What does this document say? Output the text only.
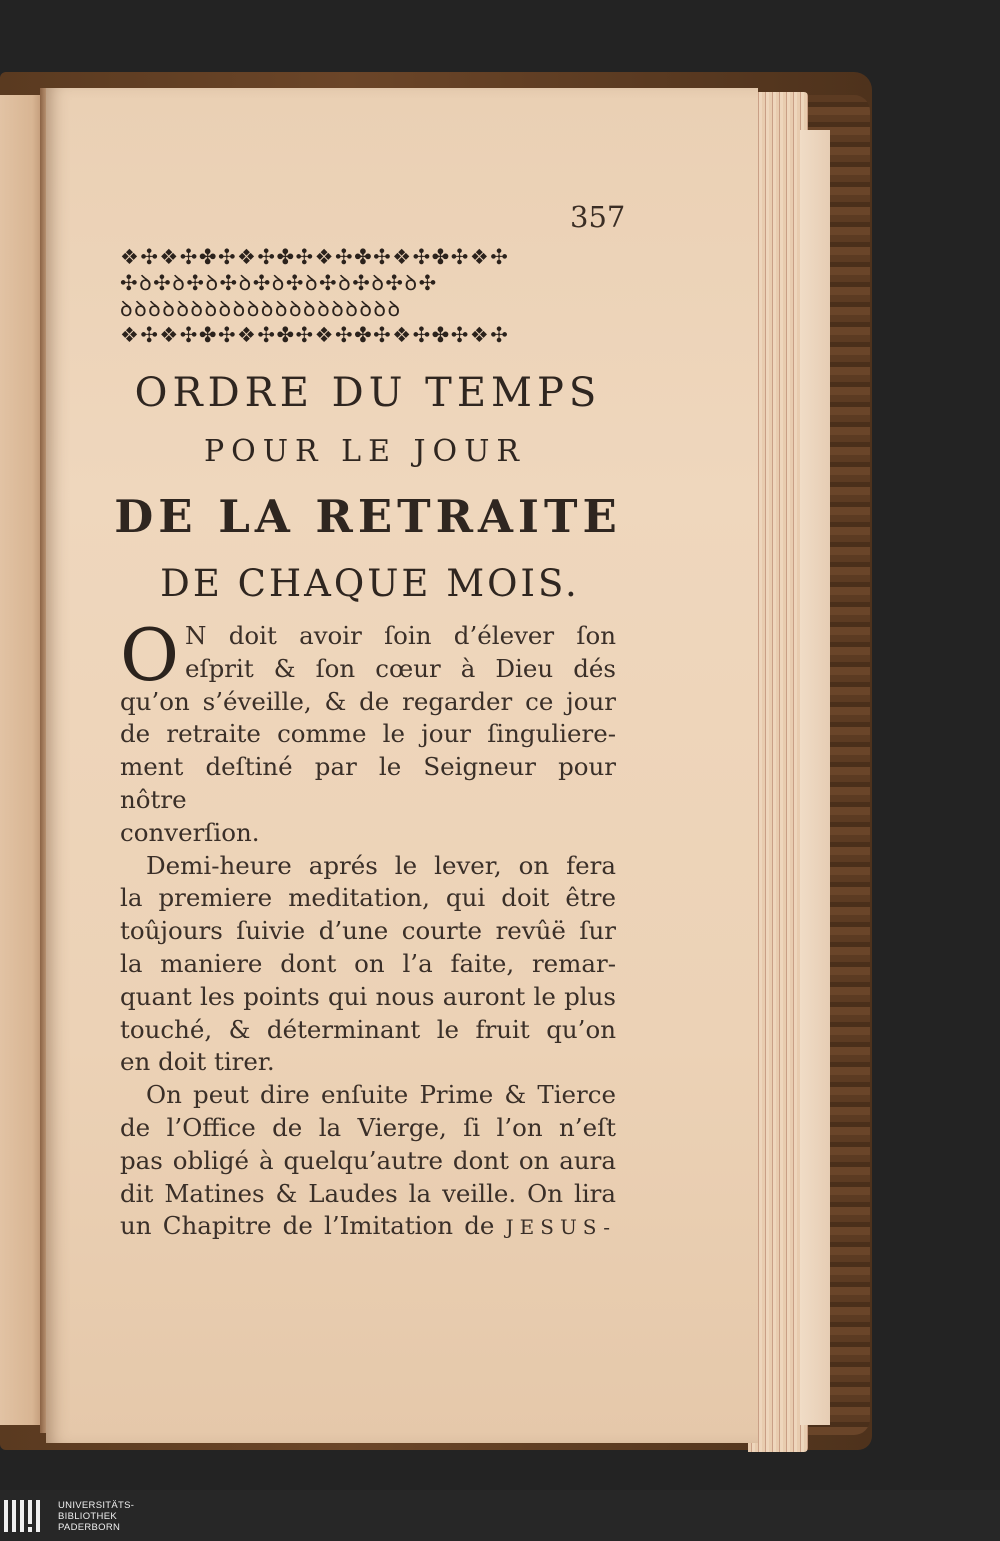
357
❖✣❖✣✤✣❖✣✤✣❖✣✤✣❖✣✤✣❖✣
✣ꝺ✣ꝺ✣ꝺ✣ꝺ✣ꝺ✣ꝺ✣ꝺ✣ꝺ✣ꝺ✣
ꝺꝺꝺꝺꝺꝺꝺꝺꝺꝺꝺꝺꝺꝺꝺꝺꝺꝺꝺꝺ
❖✣❖✣✤✣❖✣✤✣❖✣✤✣❖✣✤✣❖✣
ORDRE DU TEMPS
POUR LE JOUR
DE LA RETRAITE
DE CHAQUE MOIS.

O N doit avoir ſoin d’élever ſon
eſprit & ſon cœur à Dieu dés
qu’on s’éveille, & de regarder ce jour
de retraite comme le jour ſinguliere-
ment deſtiné par le Seigneur pour nôtre
converſion.

Demi-heure aprés le lever, on fera
la premiere meditation, qui doit être
toûjours ſuivie d’une courte revûë ſur
la maniere dont on l’a faite, remar-
quant les points qui nous auront le plus
touché, & déterminant le fruit qu’on
en doit tirer.

On peut dire enſuite Prime & Tierce
de l’Office de la Vierge, ſi l’on n’eſt
pas obligé à quelqu’autre dont on aura
dit Matines & Laudes la veille. On lira
un Chapitre de l’Imitation de JESUS-

UNIVERSITÄTS-
BIBLIOTHEK
PADERBORN
